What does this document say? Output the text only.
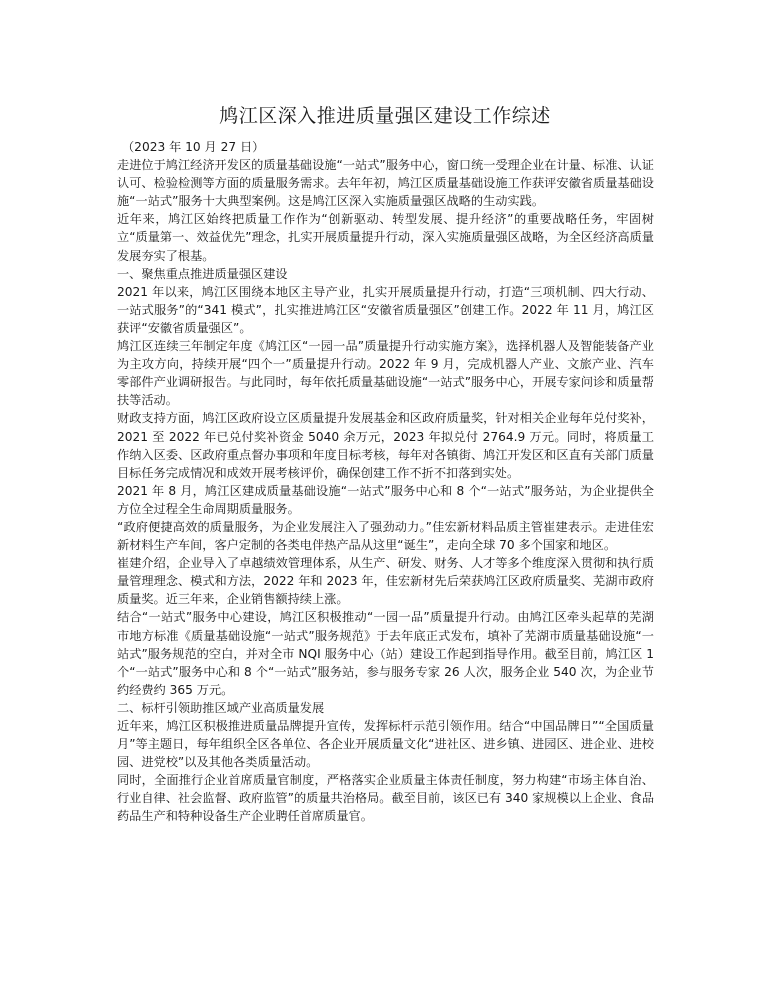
鸠江区深入推进质量强区建设工作综述

（2023 年 10 月 27 日）

走进位于鸠江经济开发区的质量基础设施“一站式”服务中心，窗口统一受理企业在计量、标准、认证认可、检验检测等方面的质量服务需求。去年年初，鸠江区质量基础设施工作获评安徽省质量基础设施“一站式”服务十大典型案例。这是鸠江区深入实施质量强区战略的生动实践。

近年来，鸠江区始终把质量工作作为“创新驱动、转型发展、提升经济”的重要战略任务，牢固树立“质量第一、效益优先”理念，扎实开展质量提升行动，深入实施质量强区战略，为全区经济高质量发展夯实了根基。

一、聚焦重点推进质量强区建设

2021 年以来，鸠江区围绕本地区主导产业，扎实开展质量提升行动，打造“三项机制、四大行动、一站式服务”的“341 模式”，扎实推进鸠江区“安徽省质量强区”创建工作。2022 年 11 月，鸠江区获评“安徽省质量强区”。

鸠江区连续三年制定年度《鸠江区“一园一品”质量提升行动实施方案》，选择机器人及智能装备产业为主攻方向，持续开展“四个一”质量提升行动。2022 年 9 月，完成机器人产业、文旅产业、汽车零部件产业调研报告。与此同时，每年依托质量基础设施“一站式”服务中心，开展专家问诊和质量帮扶等活动。

财政支持方面，鸠江区政府设立区质量提升发展基金和区政府质量奖，针对相关企业每年兑付奖补，2021 至 2022 年已兑付奖补资金 5040 余万元，2023 年拟兑付 2764.9 万元。同时，将质量工作纳入区委、区政府重点督办事项和年度目标考核，每年对各镇街、鸠江开发区和区直有关部门质量目标任务完成情况和成效开展考核评价，确保创建工作不折不扣落到实处。

2021 年 8 月，鸠江区建成质量基础设施“一站式”服务中心和 8 个“一站式”服务站，为企业提供全方位全过程全生命周期质量服务。

“政府便捷高效的质量服务，为企业发展注入了强劲动力。”佳宏新材料品质主管崔建表示。走进佳宏新材料生产车间，客户定制的各类电伴热产品从这里“诞生”，走向全球 70 多个国家和地区。

崔建介绍，企业导入了卓越绩效管理体系，从生产、研发、财务、人才等多个维度深入贯彻和执行质量管理理念、模式和方法，2022 年和 2023 年，佳宏新材先后荣获鸠江区政府质量奖、芜湖市政府质量奖。近三年来，企业销售额持续上涨。

结合“一站式”服务中心建设，鸠江区积极推动“一园一品”质量提升行动。由鸠江区牵头起草的芜湖市地方标准《质量基础设施“一站式”服务规范》于去年底正式发布，填补了芜湖市质量基础设施“一站式”服务规范的空白，并对全市 NQI 服务中心（站）建设工作起到指导作用。截至目前，鸠江区 1 个“一站式”服务中心和 8 个“一站式”服务站，参与服务专家 26 人次，服务企业 540 次，为企业节约经费约 365 万元。

二、标杆引领助推区域产业高质量发展

近年来，鸠江区积极推进质量品牌提升宣传，发挥标杆示范引领作用。结合“中国品牌日”“全国质量月”等主题日，每年组织全区各单位、各企业开展质量文化“进社区、进乡镇、进园区、进企业、进校园、进党校”以及其他各类质量活动。

同时，全面推行企业首席质量官制度，严格落实企业质量主体责任制度，努力构建“市场主体自治、行业自律、社会监督、政府监管”的质量共治格局。截至目前，该区已有 340 家规模以上企业、食品药品生产和特种设备生产企业聘任首席质量官。
